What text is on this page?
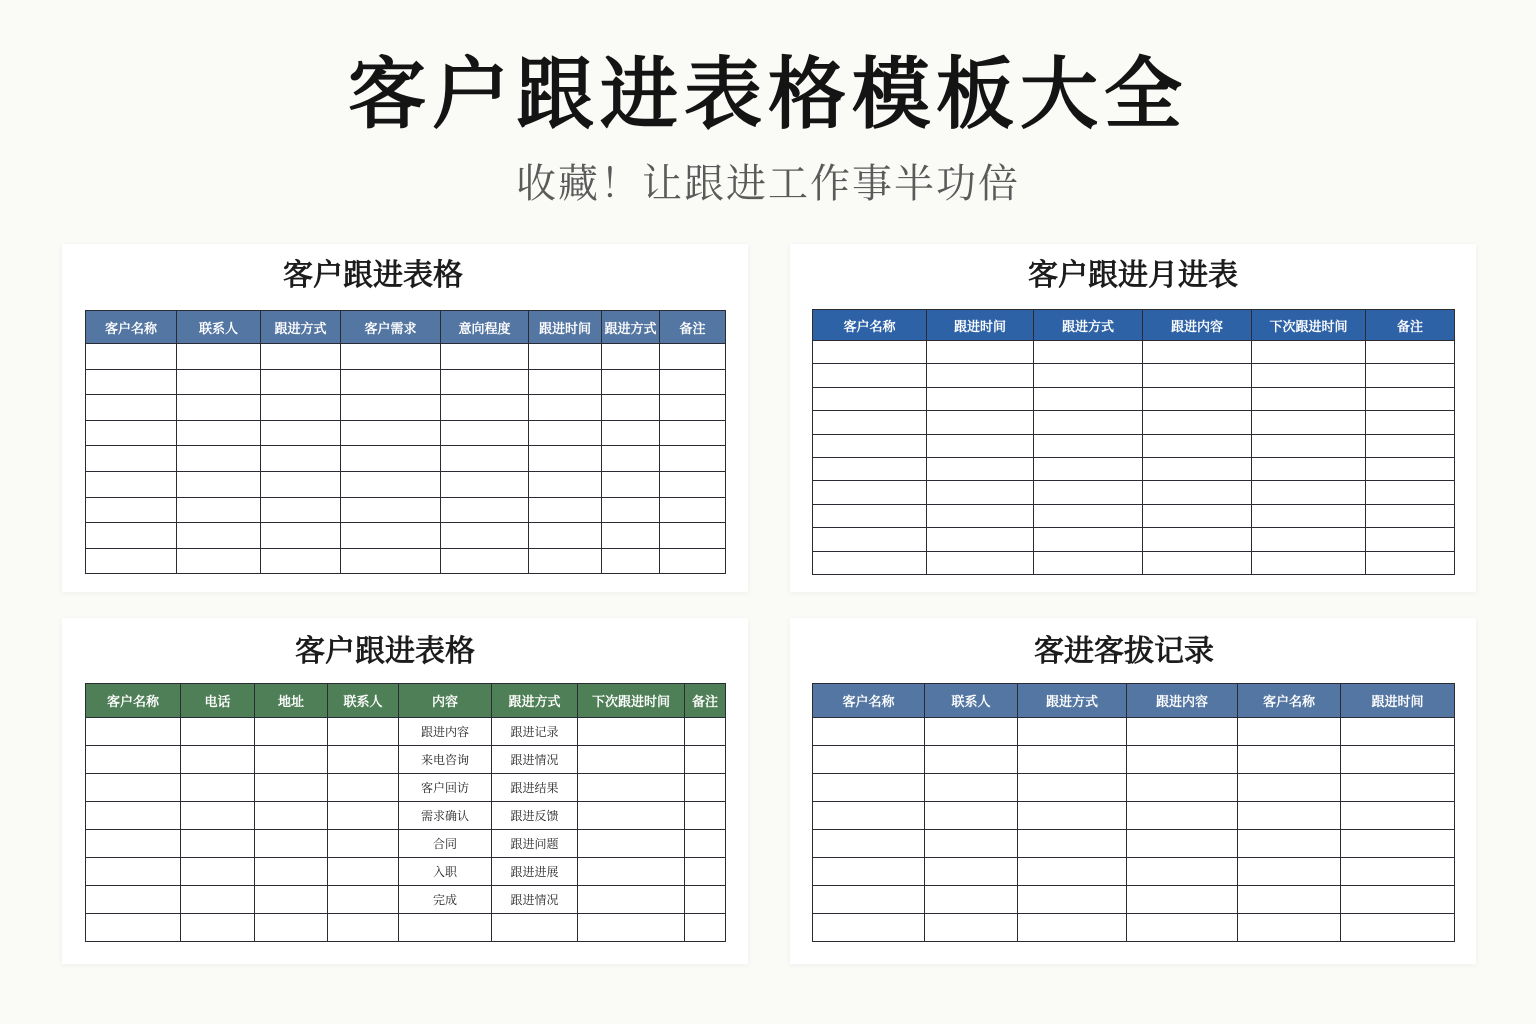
客户跟进表格模板大全
收藏！让跟进工作事半功倍
客户跟进表格
客户名称	联系人	跟进方式	客户需求	意向程度	跟进时间	跟进方式	备注

客户跟进月进表
客户名称	跟进时间	跟进方式	跟进内容	下次跟进时间	备注

客户跟进表格
客户名称	电话	地址	联系人	内容	跟进方式	下次跟进时间	备注
				跟进内容	跟进记录		
				来电咨询	跟进情况		
				客户回访	跟进结果		
				需求确认	跟进反馈		
				合同	跟进问题		
				入职	跟进进展		
				完成	跟进情况		

客进客拔记录
客户名称	联系人	跟进方式	跟进内容	客户名称	跟进时间
